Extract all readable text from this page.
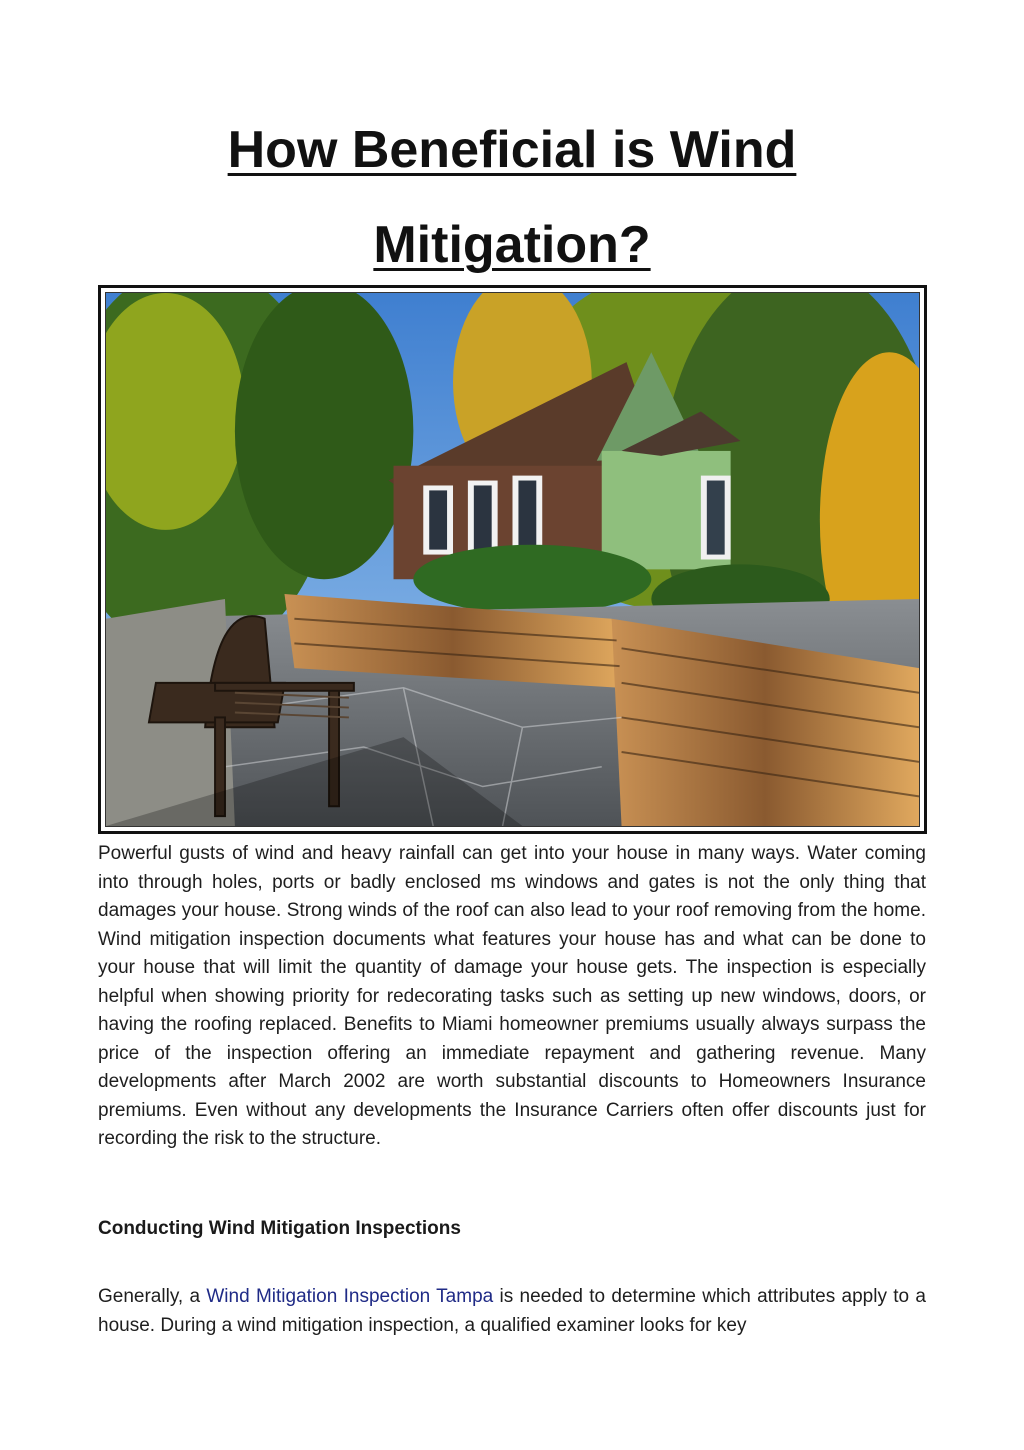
How Beneficial is Wind
Mitigation?
Powerful gusts of wind and heavy rainfall can get into your house in many ways. Water coming into through holes, ports or badly enclosed ms windows and gates is not the only thing that damages your house. Strong winds of the roof can also lead to your roof removing from the home. Wind mitigation inspection documents what features your house has and what can be done to your house that will limit the quantity of damage your house gets. The inspection is especially helpful when showing priority for redecorating tasks such as setting up new windows, doors, or having the roofing replaced. Benefits to Miami homeowner premiums usually always surpass the price of the inspection offering an immediate repayment and gathering revenue. Many developments after March 2002 are worth substantial discounts to Homeowners Insurance premiums. Even without any developments the Insurance Carriers often offer discounts just for recording the risk to the structure.
Conducting Wind Mitigation Inspections
Generally, a Wind Mitigation Inspection Tampa is needed to determine which attributes apply to a house. During a wind mitigation inspection, a qualified examiner looks for key
